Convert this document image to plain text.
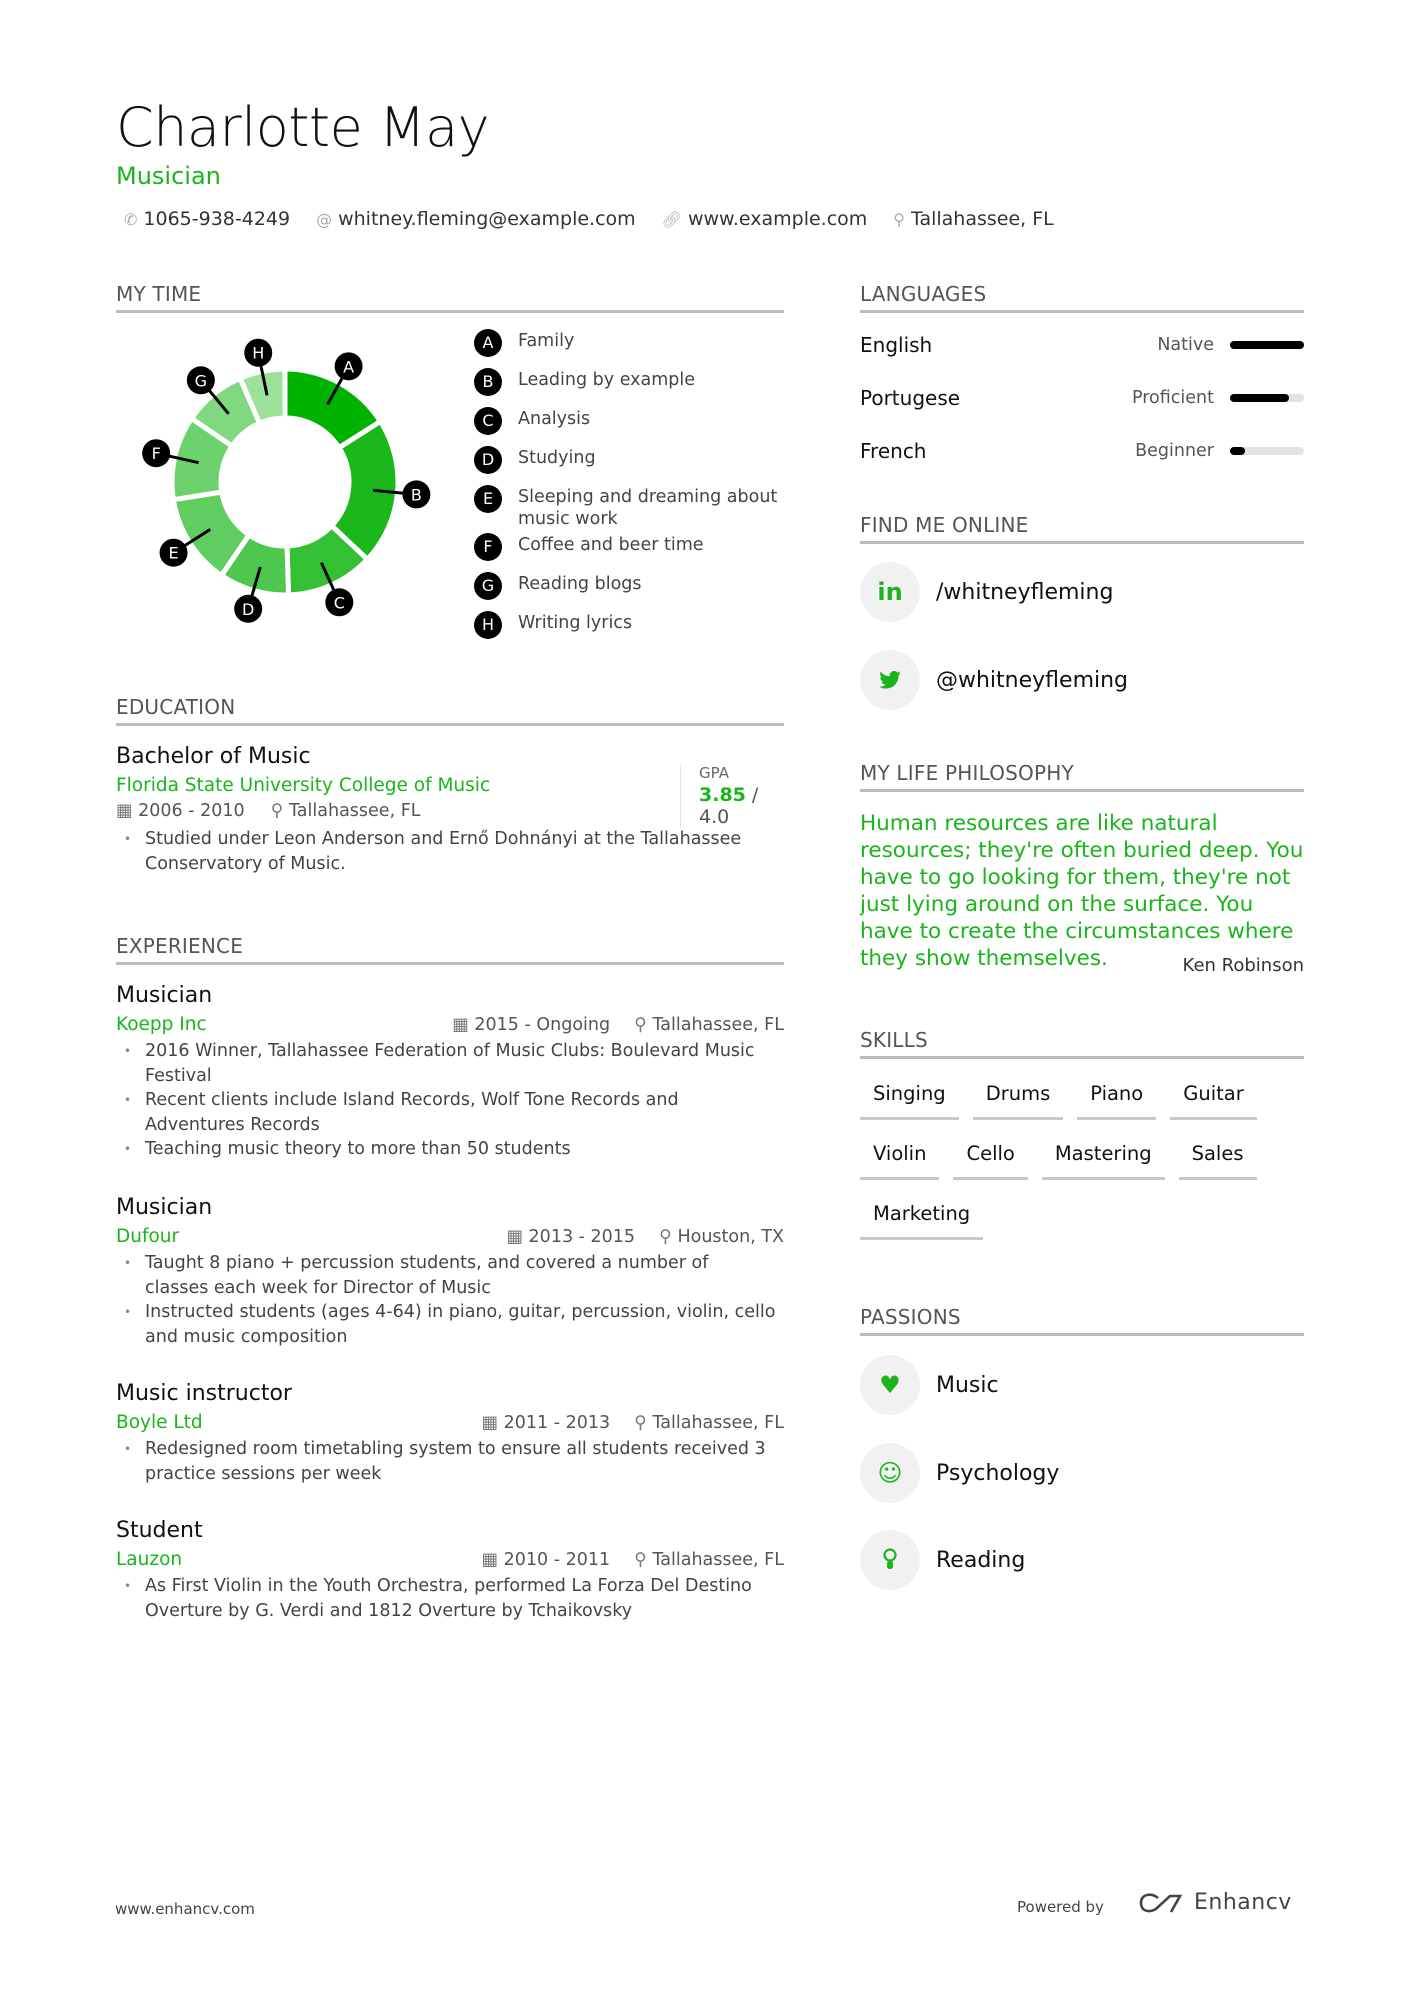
Charlotte May
Musician
✆ 1065-938-4249 @ whitney.fleming@example.com 🔗︎ www.example.com ⚲ Tallahassee, FL
MY TIME
A
B
C
D
E
F
G
H
A	Family
B	Leading by example
C	Analysis
D	Studying
E	Sleeping and dreaming about music work
F	Coffee and beer time
G	Reading blogs
H	Writing lyrics
EDUCATION
Bachelor of Music
Florida State University College of Music
▦ 2006 - 2010 ⚲ Tallahassee, FL
• Studied under Leon Anderson and Ernő Dohnányi at the Tallahassee Conservatory of Music.
GPA
3.85 / 4.0
EXPERIENCE
Musician
Koepp Inc	▦ 2015 - Ongoing ⚲ Tallahassee, FL
• 2016 Winner, Tallahassee Federation of Music Clubs: Boulevard Music Festival
• Recent clients include Island Records, Wolf Tone Records and Adventures Records
• Teaching music theory to more than 50 students
Musician
Dufour	▦ 2013 - 2015 ⚲ Houston, TX
• Taught 8 piano + percussion students, and covered a number of classes each week for Director of Music
• Instructed students (ages 4-64) in piano, guitar, percussion, violin, cello and music composition
Music instructor
Boyle Ltd	▦ 2011 - 2013 ⚲ Tallahassee, FL
• Redesigned room timetabling system to ensure all students received 3 practice sessions per week
Student
Lauzon	▦ 2010 - 2011 ⚲ Tallahassee, FL
• As First Violin in the Youth Orchestra, performed La Forza Del Destino Overture by G. Verdi and 1812 Overture by Tchaikovsky
LANGUAGES
English	Native
Portugese	Proficient
French	Beginner
FIND ME ONLINE
in	/whitneyfleming
@whitneyfleming
MY LIFE PHILOSOPHY
Human resources are like natural resources; they're often buried deep. You have to go looking for them, they're not just lying around on the surface. You have to create the circumstances where they show themselves.	Ken Robinson
SKILLS
Singing	Drums	Piano	Guitar
Violin	Cello	Mastering	Sales
Marketing
PASSIONS
♥	Music
☺	Psychology
Reading
www.enhancv.com	Powered by	Enhancv
